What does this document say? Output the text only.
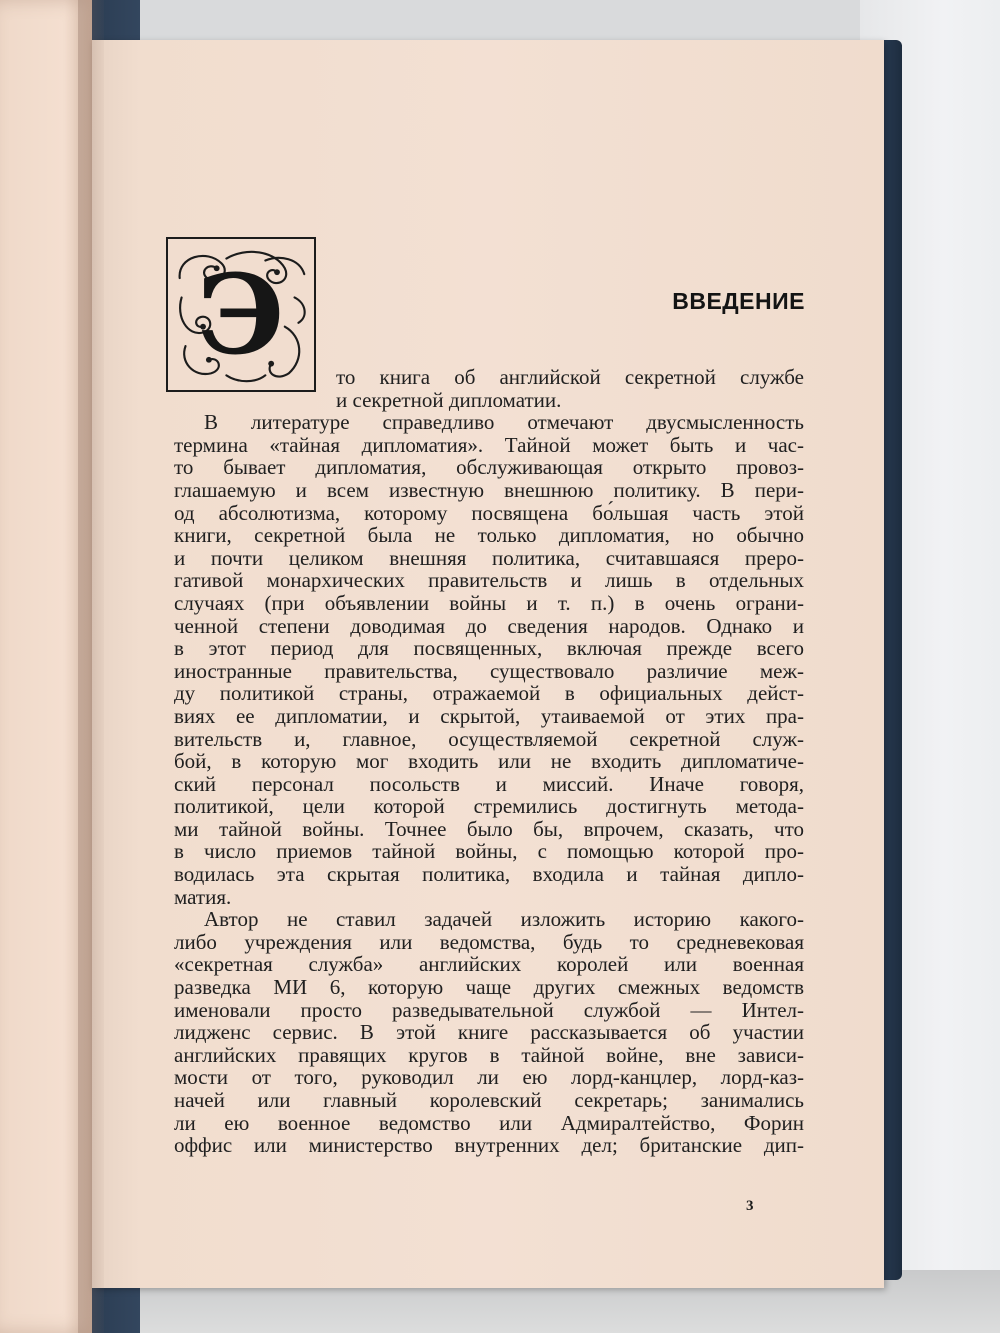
Э	ВВЕДЕНИЕ
то книга об английской секретной службе
и секретной дипломатии.
В литературе справедливо отмечают двусмысленность
термина «тайная дипломатия». Тайной может быть и час-
то бывает дипломатия, обслуживающая открыто провоз-
глашаемую и всем известную внешнюю политику. В пери-
од абсолютизма, которому посвящена бо́льшая часть этой
книги, секретной была не только дипломатия, но обычно
и почти целиком внешняя политика, считавшаяся преро-
гативой монархических правительств и лишь в отдельных
случаях (при объявлении войны и т. п.) в очень ограни-
ченной степени доводимая до сведения народов. Однако и
в этот период для посвященных, включая прежде всего
иностранные правительства, существовало различие меж-
ду политикой страны, отражаемой в официальных дейст-
виях ее дипломатии, и скрытой, утаиваемой от этих пра-
вительств и, главное, осуществляемой секретной служ-
бой, в которую мог входить или не входить дипломатиче-
ский персонал посольств и миссий. Иначе говоря,
политикой, цели которой стремились достигнуть метода-
ми тайной войны. Точнее было бы, впрочем, сказать, что
в число приемов тайной войны, с помощью которой про-
водилась эта скрытая политика, входила и тайная дипло-
матия.
Автор не ставил задачей изложить историю какого-
либо учреждения или ведомства, будь то средневековая
«секретная служба» английских королей или военная
разведка МИ 6, которую чаще других смежных ведомств
именовали просто разведывательной службой — Интел-
лидженс сервис. В этой книге рассказывается об участии
английских правящих кругов в тайной войне, вне зависи-
мости от того, руководил ли ею лорд-канцлер, лорд-каз-
начей или главный королевский секретарь; занимались
ли ею военное ведомство или Адмиралтейство, Форин
оффис или министерство внутренних дел; британские дип-
3
